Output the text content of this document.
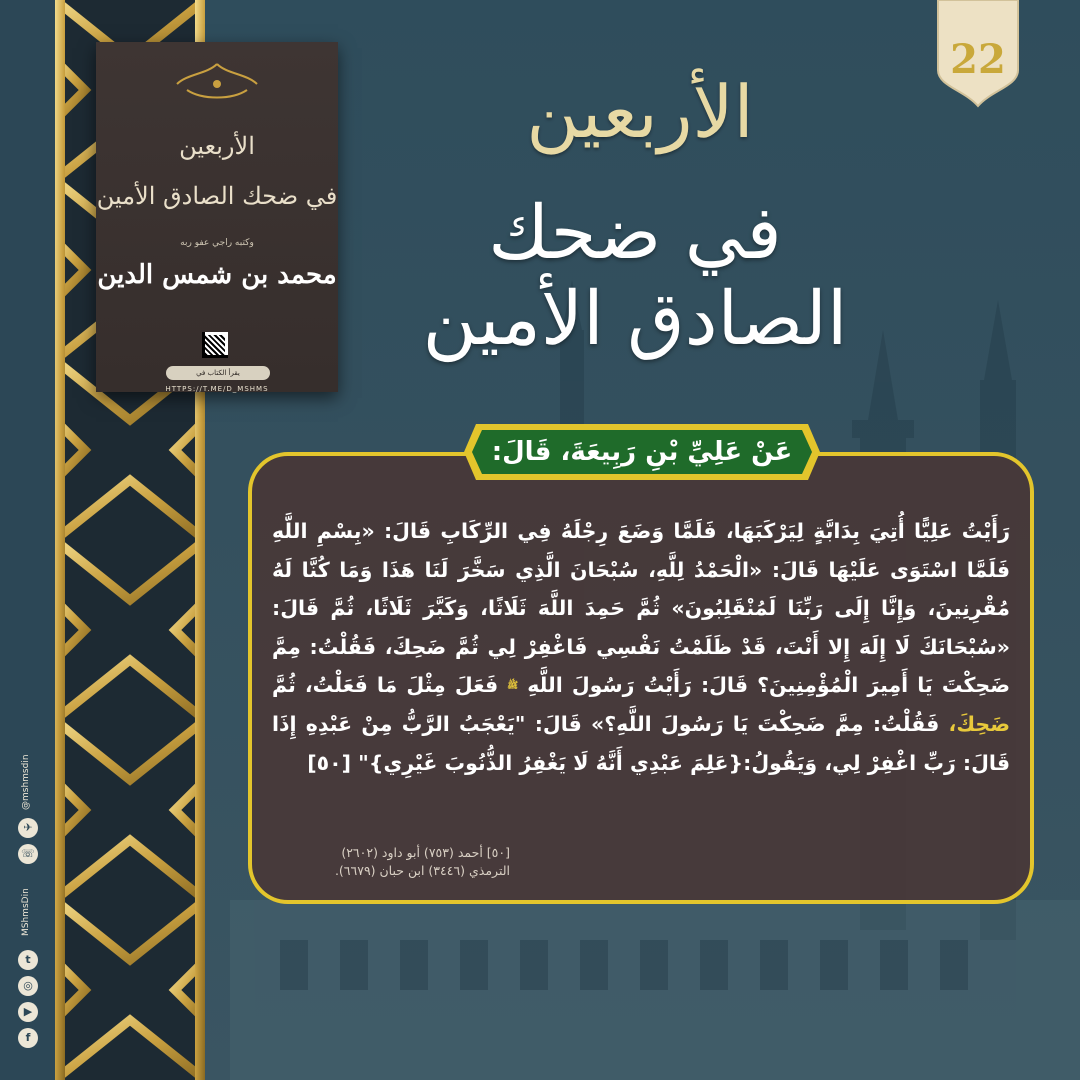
@mshmsdin
✈
☏
MShmsDin
t
◎
▶
f
الأربعين
في ضحك الصادق الأمين
وكتبه راجي عفو ربه
محمد بن شمس الدين
يقرأ الكتاب في
HTTPS://T.ME/D_MSHMS
22
الأربعين
في ضحك الصادق الأمين
عَنْ عَلِيِّ بْنِ رَبِيعَةَ، قَالَ:
رَأَيْتُ عَلِيًّا أُتِيَ بِدَابَّةٍ لِيَرْكَبَهَا، فَلَمَّا وَضَعَ رِجْلَهُ فِي الرِّكَابِ قَالَ: «بِسْمِ اللَّهِ فَلَمَّا اسْتَوَى عَلَيْهَا قَالَ: «الْحَمْدُ لِلَّهِ، سُبْحَانَ الَّذِي سَخَّرَ لَنَا هَذَا وَمَا كُنَّا لَهُ مُقْرِنِينَ، وَإِنَّا إِلَى رَبِّنَا لَمُنْقَلِبُونَ» ثُمَّ حَمِدَ اللَّهَ ثَلَاثًا، وَكَبَّرَ ثَلَاثًا، ثُمَّ قَالَ: «سُبْحَانَكَ لَا إِلَهَ إِلا أَنْتَ، قَدْ ظَلَمْتُ نَفْسِي فَاغْفِرْ لِي ثُمَّ ضَحِكَ، فَقُلْتُ: مِمَّ ضَحِكْتَ يَا أَمِيرَ الْمُؤْمِنِينَ؟ قَالَ: رَأَيْتُ رَسُولَ اللَّهِ ﷺ فَعَلَ مِثْلَ مَا فَعَلْتُ، ثُمَّ ضَحِكَ، فَقُلْتُ: مِمَّ ضَحِكْتَ يَا رَسُولَ اللَّهِ؟» قَالَ: "يَعْجَبُ الرَّبُّ مِنْ عَبْدِهِ إِذَا قَالَ: رَبِّ اغْفِرْ لِي، وَيَقُولُ:{عَلِمَ عَبْدِي أَنَّهُ لَا يَغْفِرُ الذُّنُوبَ غَيْرِي}" [٥٠]
[٥٠] أحمد (٧٥٣) أبو داود (٢٦٠٢)
الترمذي (٣٤٤٦) ابن حبان (٦٦٧٩).
